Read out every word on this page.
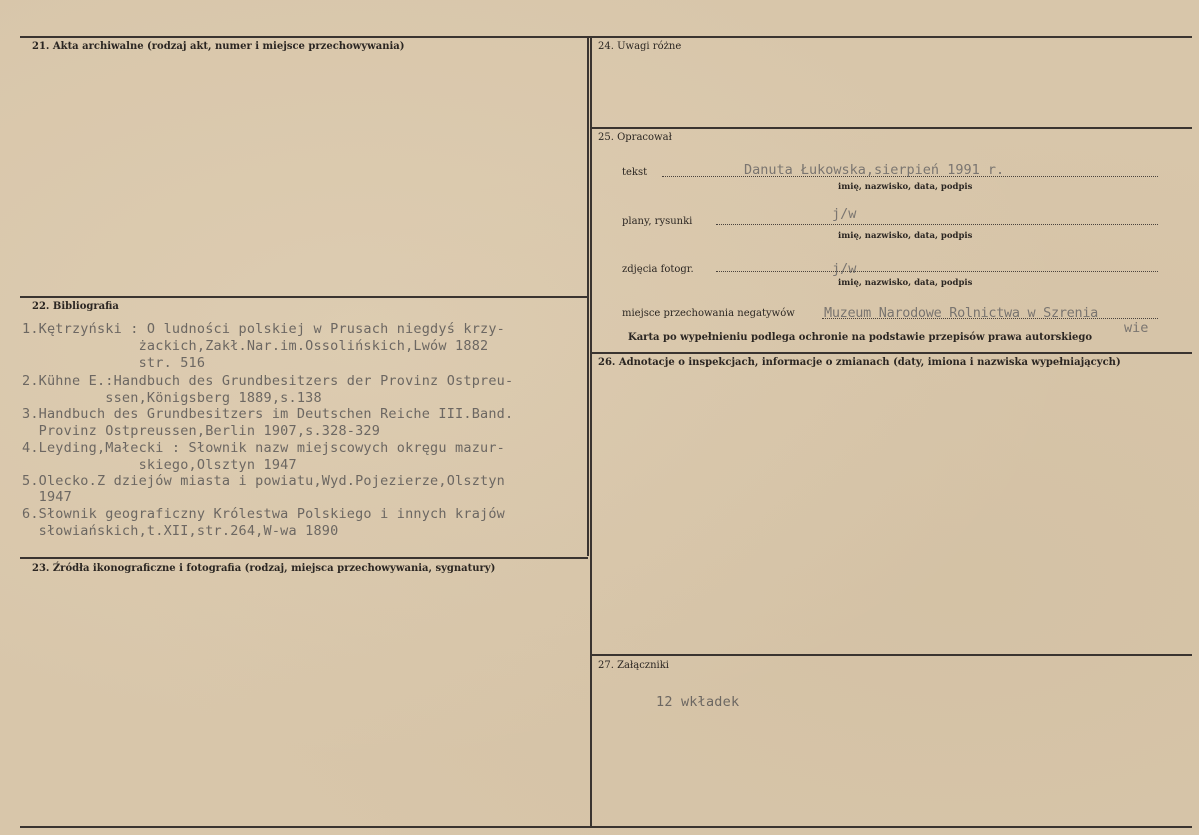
21. Akta archiwalne (rodzaj akt, numer i miejsce przechowywania)
22. Bibliografia
1.Kętrzyński : O ludności polskiej w Prusach niegdyś krzy-
żackich,Zakł.Nar.im.Ossolińskich,Lwów 1882
str. 516
2.Kühne E.:Handbuch des Grundbesitzers der Provinz Ostpreu-
ssen,Königsberg 1889,s.138
3.Handbuch des Grundbesitzers im Deutschen Reiche III.Band.
Provinz Ostpreussen,Berlin 1907,s.328-329
4.Leyding,Małecki : Słownik nazw miejscowych okręgu mazur-
skiego,Olsztyn 1947
5.Olecko.Z dziejów miasta i powiatu,Wyd.Pojezierze,Olsztyn
1947
6.Słownik geograficzny Królestwa Polskiego i innych krajów
słowiańskich,t.XII,str.264,W-wa 1890
23. Źródła ikonograficzne i fotografia (rodzaj, miejsca przechowywania, sygnatury)
24. Uwagi różne
25. Opracował
tekst	Danuta Łukowska,sierpień 1991 r.
imię, nazwisko, data, podpis
plany, rysunki	j/w
imię, nazwisko, data, podpis
zdjęcia fotogr.	j/w
imię, nazwisko, data, podpis
miejsce przechowania negatywów Muzeum Narodowe Rolnictwa w Szrenia
wie
Karta po wypełnieniu podlega ochronie na podstawie przepisów prawa autorskiego
26. Adnotacje o inspekcjach, informacje o zmianach (daty, imiona i nazwiska wypełniających)
27. Załączniki
12 wkładek
